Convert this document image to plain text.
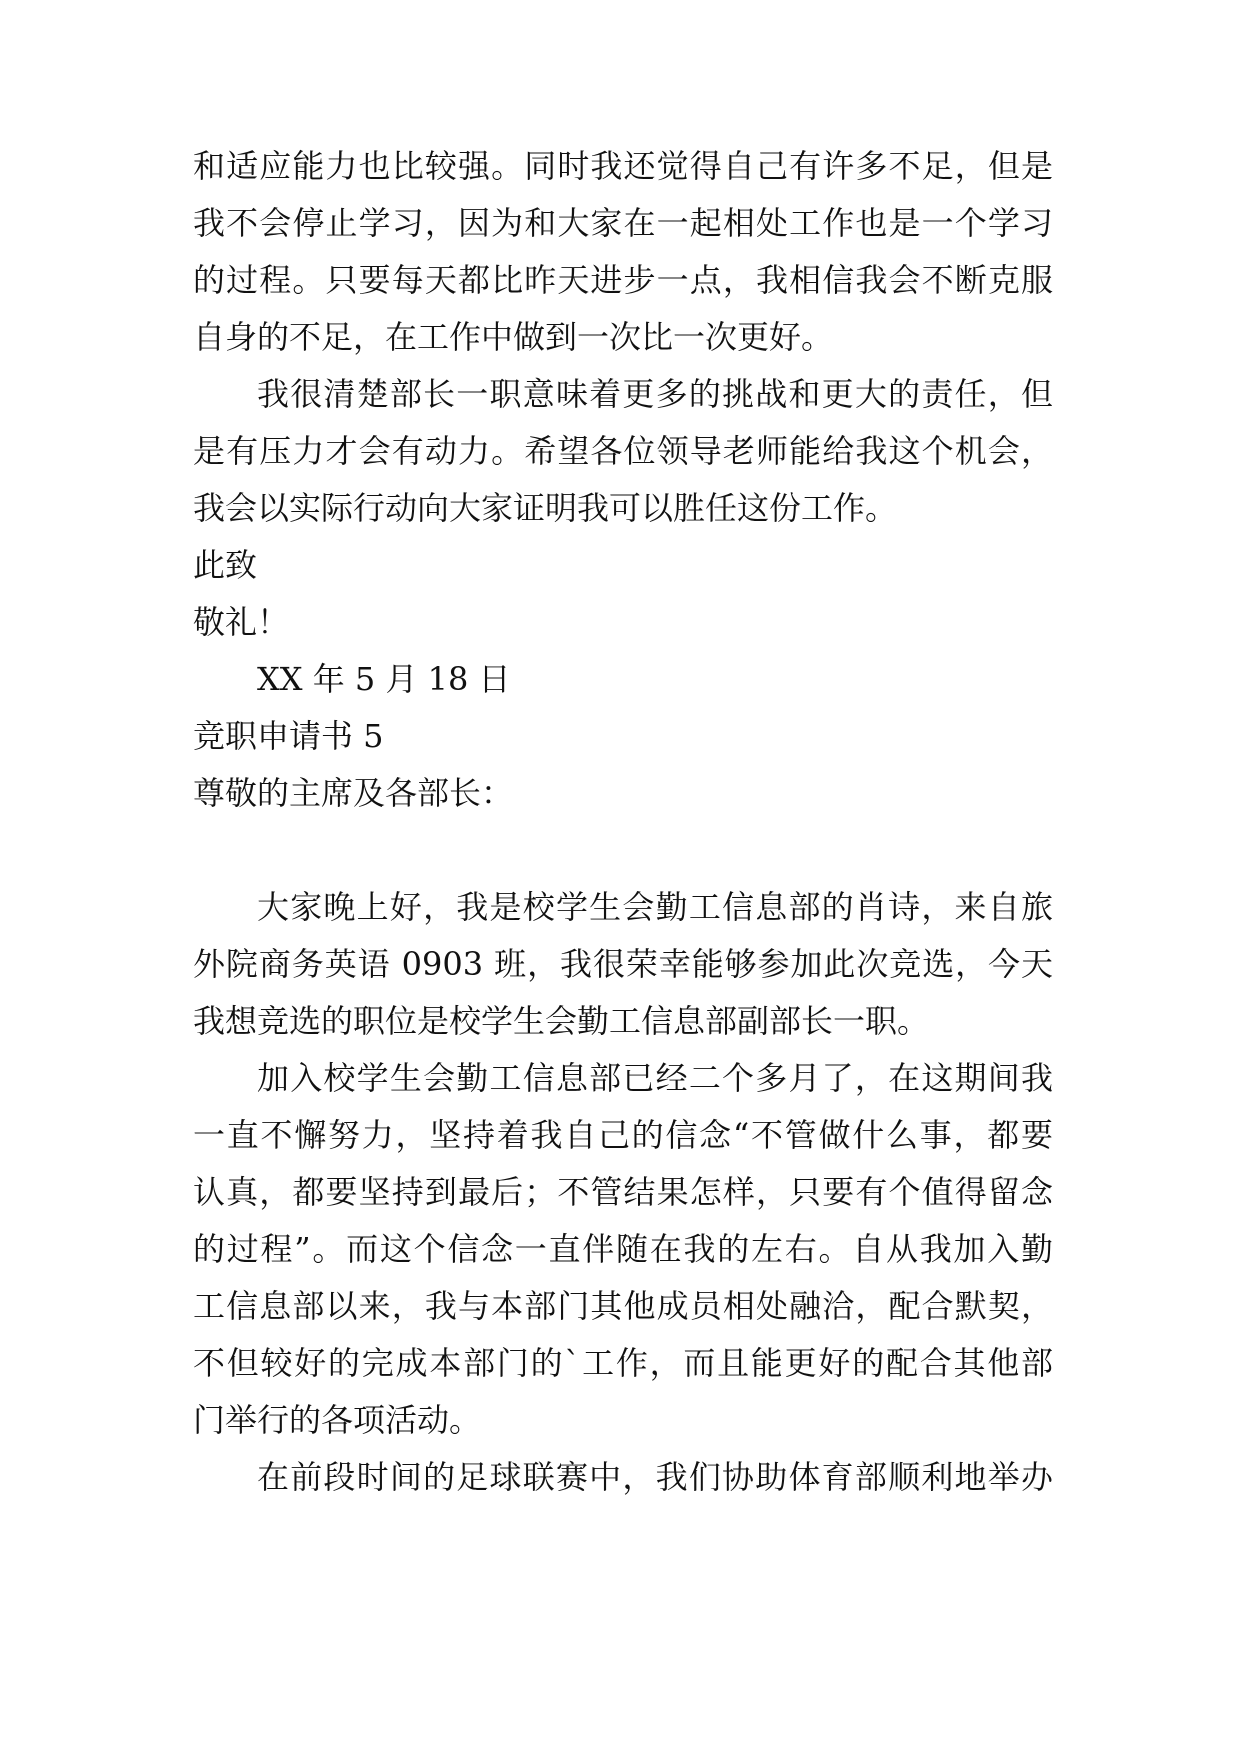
和适应能力也比较强。同时我还觉得自己有许多不足，但是
我不会停止学习，因为和大家在一起相处工作也是一个学习
的过程。只要每天都比昨天进步一点，我相信我会不断克服
自身的不足，在工作中做到一次比一次更好。
我很清楚部长一职意味着更多的挑战和更大的责任，但
是有压力才会有动力。希望各位领导老师能给我这个机会，
我会以实际行动向大家证明我可以胜任这份工作。
此致
敬礼！
XX 年 5 月 18 日
竞职申请书 5
尊敬的主席及各部长：
大家晚上好，我是校学生会勤工信息部的肖诗，来自旅
外院商务英语 0903 班，我很荣幸能够参加此次竞选，今天
我想竞选的职位是校学生会勤工信息部副部长一职。
加入校学生会勤工信息部已经二个多月了，在这期间我
一直不懈努力，坚持着我自己的信念“不管做什么事，都要
认真，都要坚持到最后；不管结果怎样，只要有个值得留念
的过程”。而这个信念一直伴随在我的左右。自从我加入勤
工信息部以来，我与本部门其他成员相处融洽，配合默契，
不但较好的完成本部门的`工作，而且能更好的配合其他部
门举行的各项活动。
在前段时间的足球联赛中，我们协助体育部顺利地举办
